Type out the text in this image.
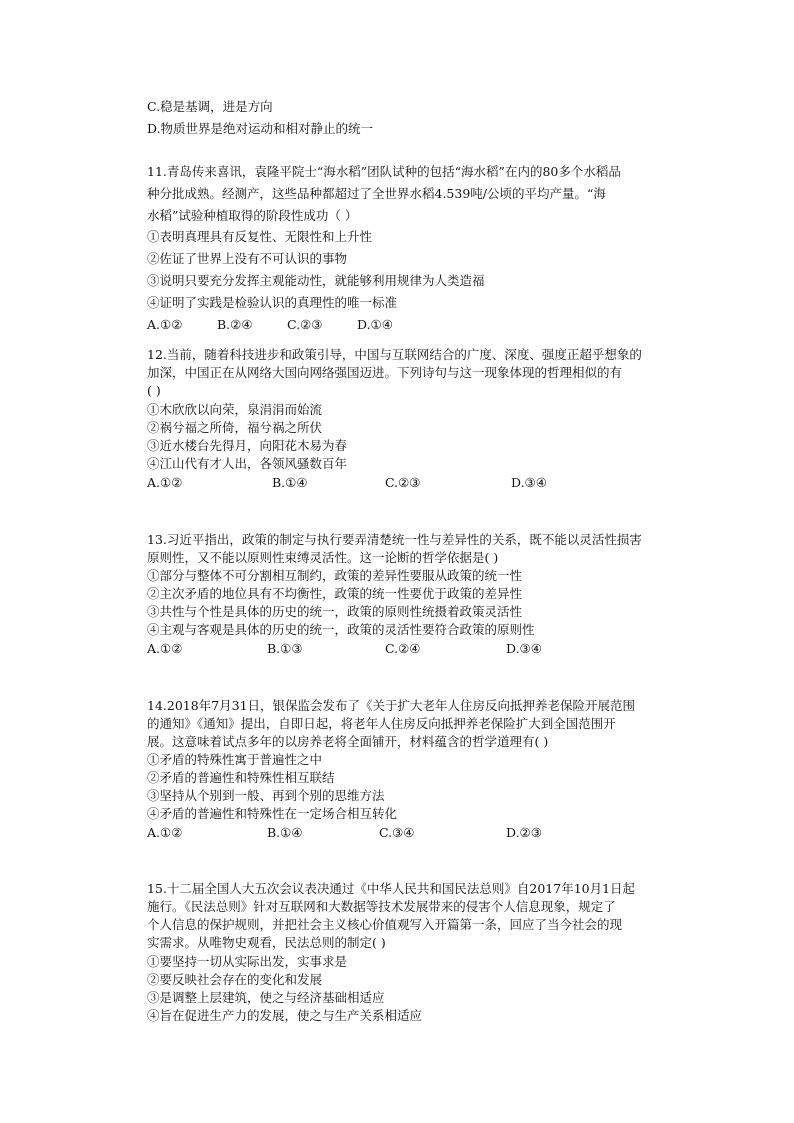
C.稳是基调，进是方向
D.物质世界是绝对运动和相对静止的统一
11.青岛传来喜讯，袁隆平院士“海水稻”团队试种的包括“海水稻”在内的80多个水稻品
种分批成熟。经测产，这些品种都超过了全世界水稻4.539吨/公顷的平均产量。“海
水稻”试验种植取得的阶段性成功（ ）
①表明真理具有反复性、无限性和上升性
②佐证了世界上没有不可认识的事物
③说明只要充分发挥主观能动性，就能够利用规律为人类造福
④证明了实践是检验认识的真理性的唯一标准
A.①②	B.②④	C.②③	D.①④
12.当前，随着科技进步和政策引导，中国与互联网结合的广度、深度、强度正超乎想象的
加深，中国正在从网络大国向网络强国迈进。下列诗句与这一现象体现的哲理相似的有
( )
①木欣欣以向荣，泉涓涓而始流
②祸兮福之所倚，福兮祸之所伏
③近水楼台先得月，向阳花木易为春
④江山代有才人出，各领风骚数百年
A.①②	B.①④	C.②③	D.③④
13.习近平指出，政策的制定与执行要弄清楚统一性与差异性的关系，既不能以灵活性损害
原则性，又不能以原则性束缚灵活性。这一论断的哲学依据是( )
①部分与整体不可分割相互制约，政策的差异性要服从政策的统一性
②主次矛盾的地位具有不均衡性，政策的统一性要优于政策的差异性
③共性与个性是具体的历史的统一，政策的原则性统摄着政策灵活性
④主观与客观是具体的历史的统一，政策的灵活性要符合政策的原则性
A.①②	B.①③	C.②④	D.③④
14.2018年7月31日，银保监会发布了《关于扩大老年人住房反向抵押养老保险开展范围
的通知》《通知》提出，自即日起，将老年人住房反向抵押养老保险扩大到全国范围开
展。这意味着试点多年的以房养老将全面铺开，材料蕴含的哲学道理有( )
①矛盾的特殊性寓于普遍性之中
②矛盾的普遍性和特殊性相互联结
③坚持从个别到一般、再到个别的思维方法
④矛盾的普遍性和特殊性在一定场合相互转化
A.①②	B.①④	C.③④	D.②③
15.十二届全国人大五次会议表决通过《中华人民共和国民法总则》自2017年10月1日起
施行。《民法总则》针对互联网和大数据等技术发展带来的侵害个人信息现象，规定了
个人信息的保护规则，并把社会主义核心价值观写入开篇第一条，回应了当今社会的现
实需求。从唯物史观看，民法总则的制定( )
①要坚持一切从实际出发，实事求是
②要反映社会存在的变化和发展
③是调整上层建筑，使之与经济基础相适应
④旨在促进生产力的发展，使之与生产关系相适应
